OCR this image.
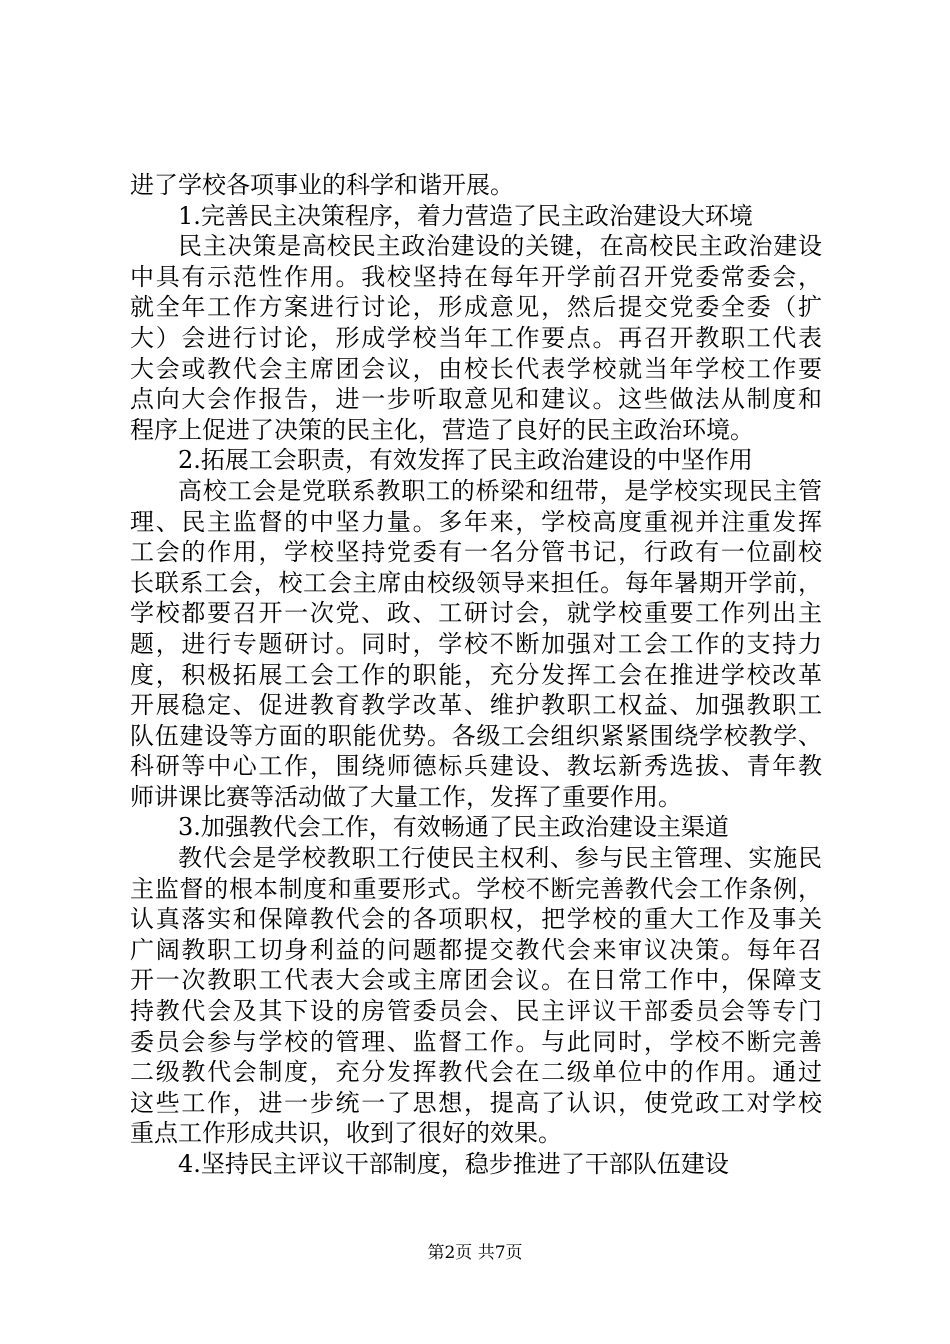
进了学校各项事业的科学和谐开展。
1.完善民主决策程序，着力营造了民主政治建设大环境
民主决策是高校民主政治建设的关键，在高校民主政治建设
中具有示范性作用。我校坚持在每年开学前召开党委常委会，
就全年工作方案进行讨论，形成意见，然后提交党委全委（扩
大）会进行讨论，形成学校当年工作要点。再召开教职工代表
大会或教代会主席团会议，由校长代表学校就当年学校工作要
点向大会作报告，进一步听取意见和建议。这些做法从制度和
程序上促进了决策的民主化，营造了良好的民主政治环境。
2.拓展工会职责，有效发挥了民主政治建设的中坚作用
高校工会是党联系教职工的桥梁和纽带，是学校实现民主管
理、民主监督的中坚力量。多年来，学校高度重视并注重发挥
工会的作用，学校坚持党委有一名分管书记，行政有一位副校
长联系工会，校工会主席由校级领导来担任。每年暑期开学前，
学校都要召开一次党、政、工研讨会，就学校重要工作列出主
题，进行专题研讨。同时，学校不断加强对工会工作的支持力
度，积极拓展工会工作的职能，充分发挥工会在推进学校改革
开展稳定、促进教育教学改革、维护教职工权益、加强教职工
队伍建设等方面的职能优势。各级工会组织紧紧围绕学校教学、
科研等中心工作，围绕师德标兵建设、教坛新秀选拔、青年教
师讲课比赛等活动做了大量工作，发挥了重要作用。
3.加强教代会工作，有效畅通了民主政治建设主渠道
教代会是学校教职工行使民主权利、参与民主管理、实施民
主监督的根本制度和重要形式。学校不断完善教代会工作条例，
认真落实和保障教代会的各项职权，把学校的重大工作及事关
广阔教职工切身利益的问题都提交教代会来审议决策。每年召
开一次教职工代表大会或主席团会议。在日常工作中，保障支
持教代会及其下设的房管委员会、民主评议干部委员会等专门
委员会参与学校的管理、监督工作。与此同时，学校不断完善
二级教代会制度，充分发挥教代会在二级单位中的作用。通过
这些工作，进一步统一了思想，提高了认识，使党政工对学校
重点工作形成共识，收到了很好的效果。
4.坚持民主评议干部制度，稳步推进了干部队伍建设
第2页 共7页
